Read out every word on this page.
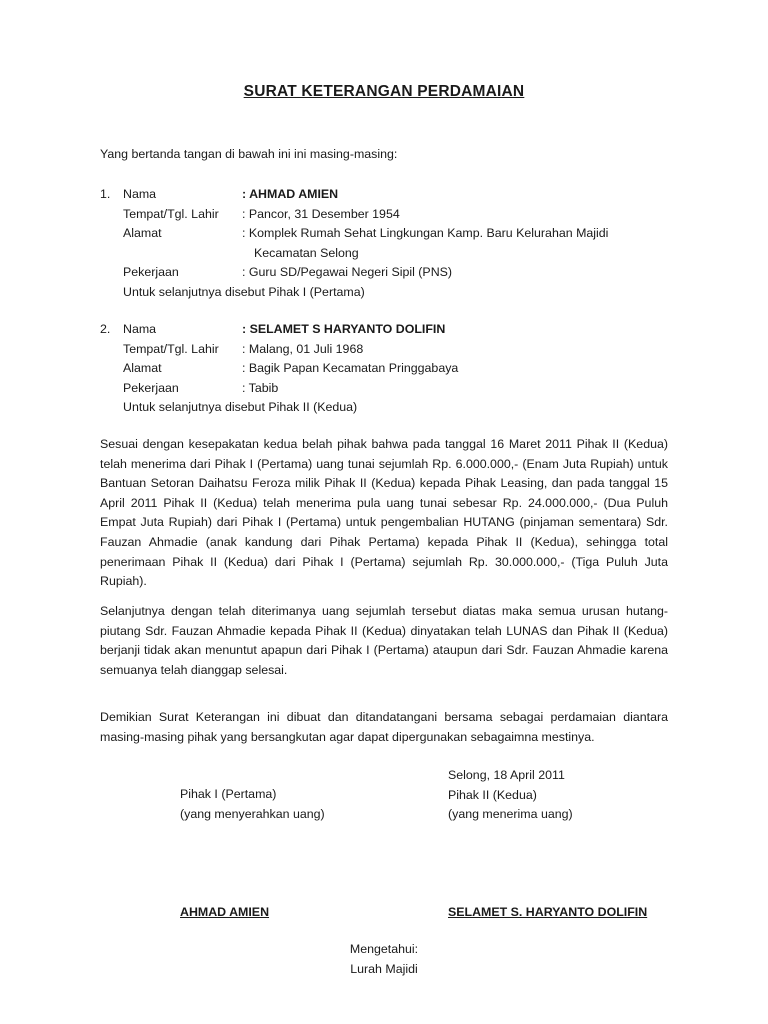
SURAT KETERANGAN PERDAMAIAN
Yang bertanda tangan di bawah ini ini masing-masing:
1.	Nama	: AHMAD AMIEN
Tempat/Tgl. Lahir : Pancor, 31 Desember 1954
Alamat	: Komplek Rumah Sehat Lingkungan Kamp. Baru Kelurahan Majidi
Kecamatan Selong
Pekerjaan	: Guru SD/Pegawai Negeri Sipil (PNS)
Untuk selanjutnya disebut Pihak I (Pertama)
2.	Nama	: SELAMET S HARYANTO DOLIFIN
Tempat/Tgl. Lahir : Malang, 01 Juli 1968
Alamat	: Bagik Papan Kecamatan Pringgabaya
Pekerjaan	: Tabib
Untuk selanjutnya disebut Pihak II (Kedua)
Sesuai dengan kesepakatan kedua belah pihak bahwa pada tanggal 16 Maret 2011 Pihak II (Kedua) telah menerima dari Pihak I (Pertama) uang tunai sejumlah Rp. 6.000.000,- (Enam Juta Rupiah) untuk Bantuan Setoran Daihatsu Feroza milik Pihak II (Kedua) kepada Pihak Leasing, dan pada tanggal 15 April 2011 Pihak II (Kedua) telah menerima pula uang tunai sebesar Rp. 24.000.000,- (Dua Puluh Empat Juta Rupiah) dari Pihak I (Pertama) untuk pengembalian HUTANG (pinjaman sementara) Sdr. Fauzan Ahmadie (anak kandung dari Pihak Pertama) kepada Pihak II (Kedua), sehingga total penerimaan Pihak II (Kedua) dari Pihak I (Pertama) sejumlah Rp. 30.000.000,- (Tiga Puluh Juta Rupiah).
Selanjutnya dengan telah diterimanya uang sejumlah tersebut diatas maka semua urusan hutang-piutang Sdr. Fauzan Ahmadie kepada Pihak II (Kedua) dinyatakan telah LUNAS dan Pihak II (Kedua) berjanji tidak akan menuntut apapun dari Pihak I (Pertama) ataupun dari Sdr. Fauzan Ahmadie karena semuanya telah dianggap selesai.
Demikian Surat Keterangan ini dibuat dan ditandatangani bersama sebagai perdamaian diantara masing-masing pihak yang bersangkutan agar dapat dipergunakan sebagaimna mestinya.
Pihak I (Pertama)
(yang menyerahkan uang)
Selong, 18 April 2011
Pihak II (Kedua)
(yang menerima uang)
AHMAD AMIEN	SELAMET S. HARYANTO DOLIFIN
Mengetahui:
Lurah Majidi
